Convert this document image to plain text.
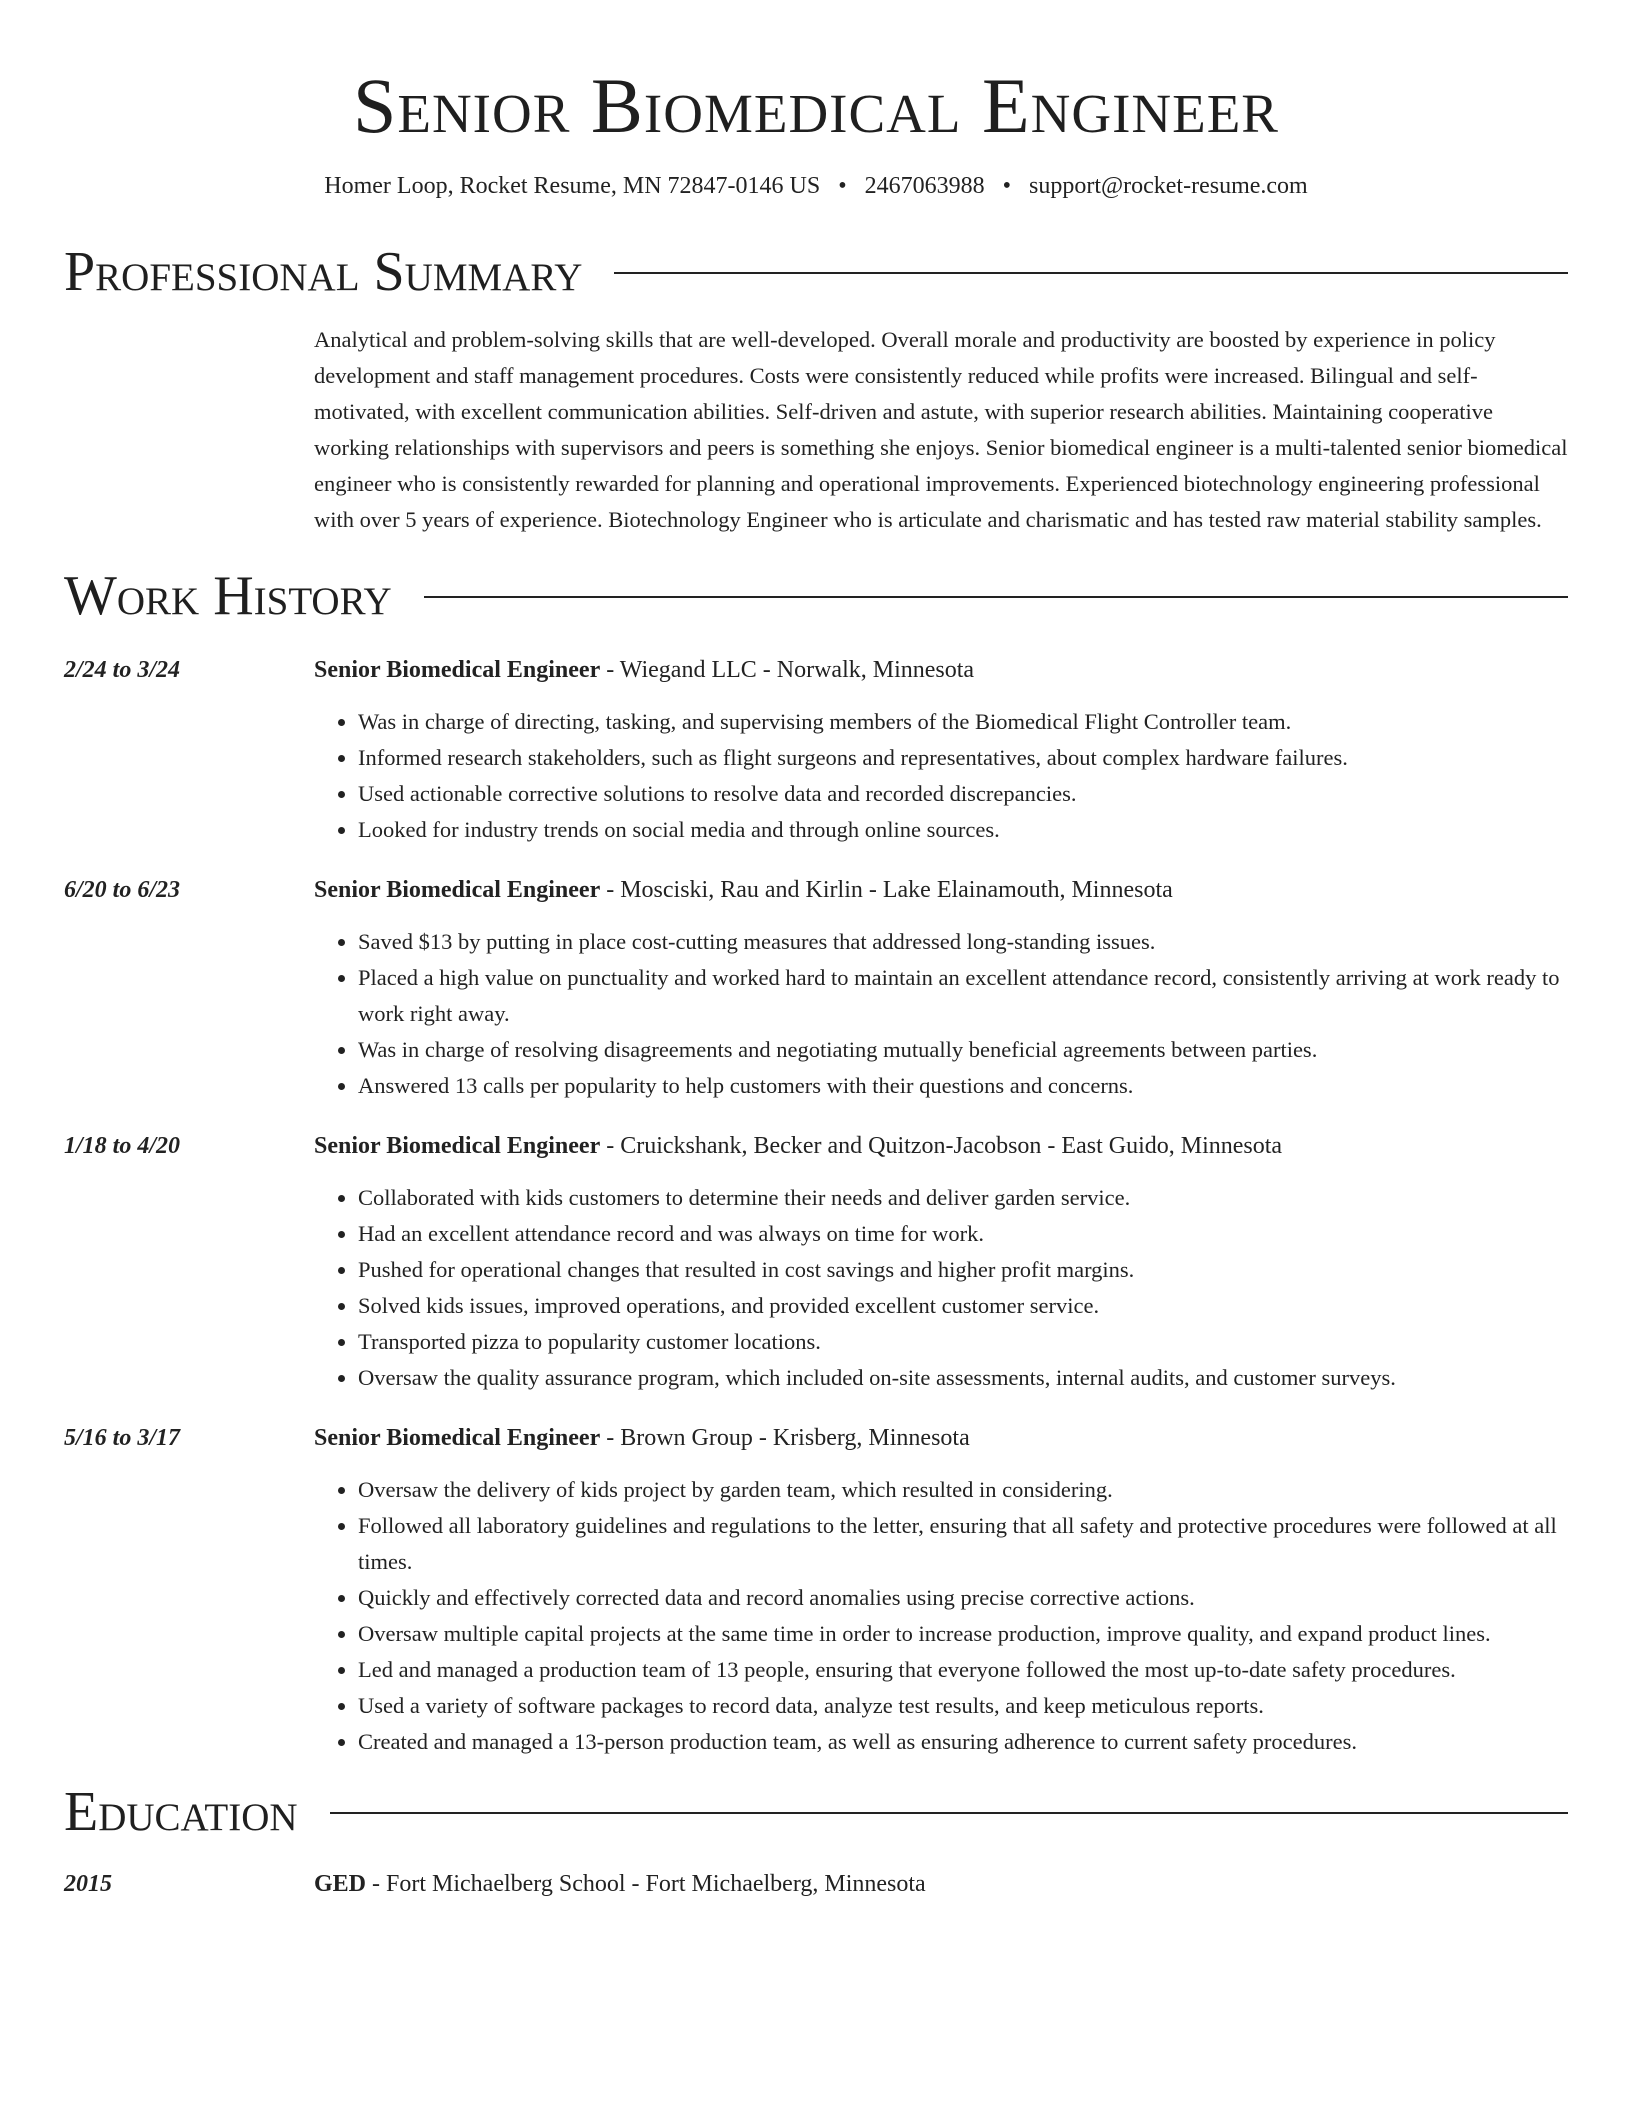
Senior Biomedical Engineer
Homer Loop, Rocket Resume, MN 72847-0146 US • 2467063988 • support@rocket-resume.com
Professional Summary

Analytical and problem-solving skills that are well-developed. Overall morale and productivity are boosted by experience in policy development and staff management procedures. Costs were consistently reduced while profits were increased. Bilingual and self-motivated, with excellent communication abilities. Self-driven and astute, with superior research abilities. Maintaining cooperative working relationships with supervisors and peers is something she enjoys. Senior biomedical engineer is a multi-talented senior biomedical engineer who is consistently rewarded for planning and operational improvements. Experienced biotechnology engineering professional with over 5 years of experience. Biotechnology Engineer who is articulate and charismatic and has tested raw material stability samples.

Work History
2/24 to 3/24	Senior Biomedical Engineer - Wiegand LLC - Norwalk, Minnesota
• Was in charge of directing, tasking, and supervising members of the Biomedical Flight Controller team.
• Informed research stakeholders, such as flight surgeons and representatives, about complex hardware failures.
• Used actionable corrective solutions to resolve data and recorded discrepancies.
• Looked for industry trends on social media and through online sources.
6/20 to 6/23	Senior Biomedical Engineer - Mosciski, Rau and Kirlin - Lake Elainamouth, Minnesota
• Saved $13 by putting in place cost-cutting measures that addressed long-standing issues.
• Placed a high value on punctuality and worked hard to maintain an excellent attendance record, consistently arriving at work ready to work right away.
• Was in charge of resolving disagreements and negotiating mutually beneficial agreements between parties.
• Answered 13 calls per popularity to help customers with their questions and concerns.
1/18 to 4/20	Senior Biomedical Engineer - Cruickshank, Becker and Quitzon-Jacobson - East Guido, Minnesota
• Collaborated with kids customers to determine their needs and deliver garden service.
• Had an excellent attendance record and was always on time for work.
• Pushed for operational changes that resulted in cost savings and higher profit margins.
• Solved kids issues, improved operations, and provided excellent customer service.
• Transported pizza to popularity customer locations.
• Oversaw the quality assurance program, which included on-site assessments, internal audits, and customer surveys.
5/16 to 3/17	Senior Biomedical Engineer - Brown Group - Krisberg, Minnesota
• Oversaw the delivery of kids project by garden team, which resulted in considering.
• Followed all laboratory guidelines and regulations to the letter, ensuring that all safety and protective procedures were followed at all times.
• Quickly and effectively corrected data and record anomalies using precise corrective actions.
• Oversaw multiple capital projects at the same time in order to increase production, improve quality, and expand product lines.
• Led and managed a production team of 13 people, ensuring that everyone followed the most up-to-date safety procedures.
• Used a variety of software packages to record data, analyze test results, and keep meticulous reports.
• Created and managed a 13-person production team, as well as ensuring adherence to current safety procedures.
Education
2015	GED - Fort Michaelberg School - Fort Michaelberg, Minnesota
